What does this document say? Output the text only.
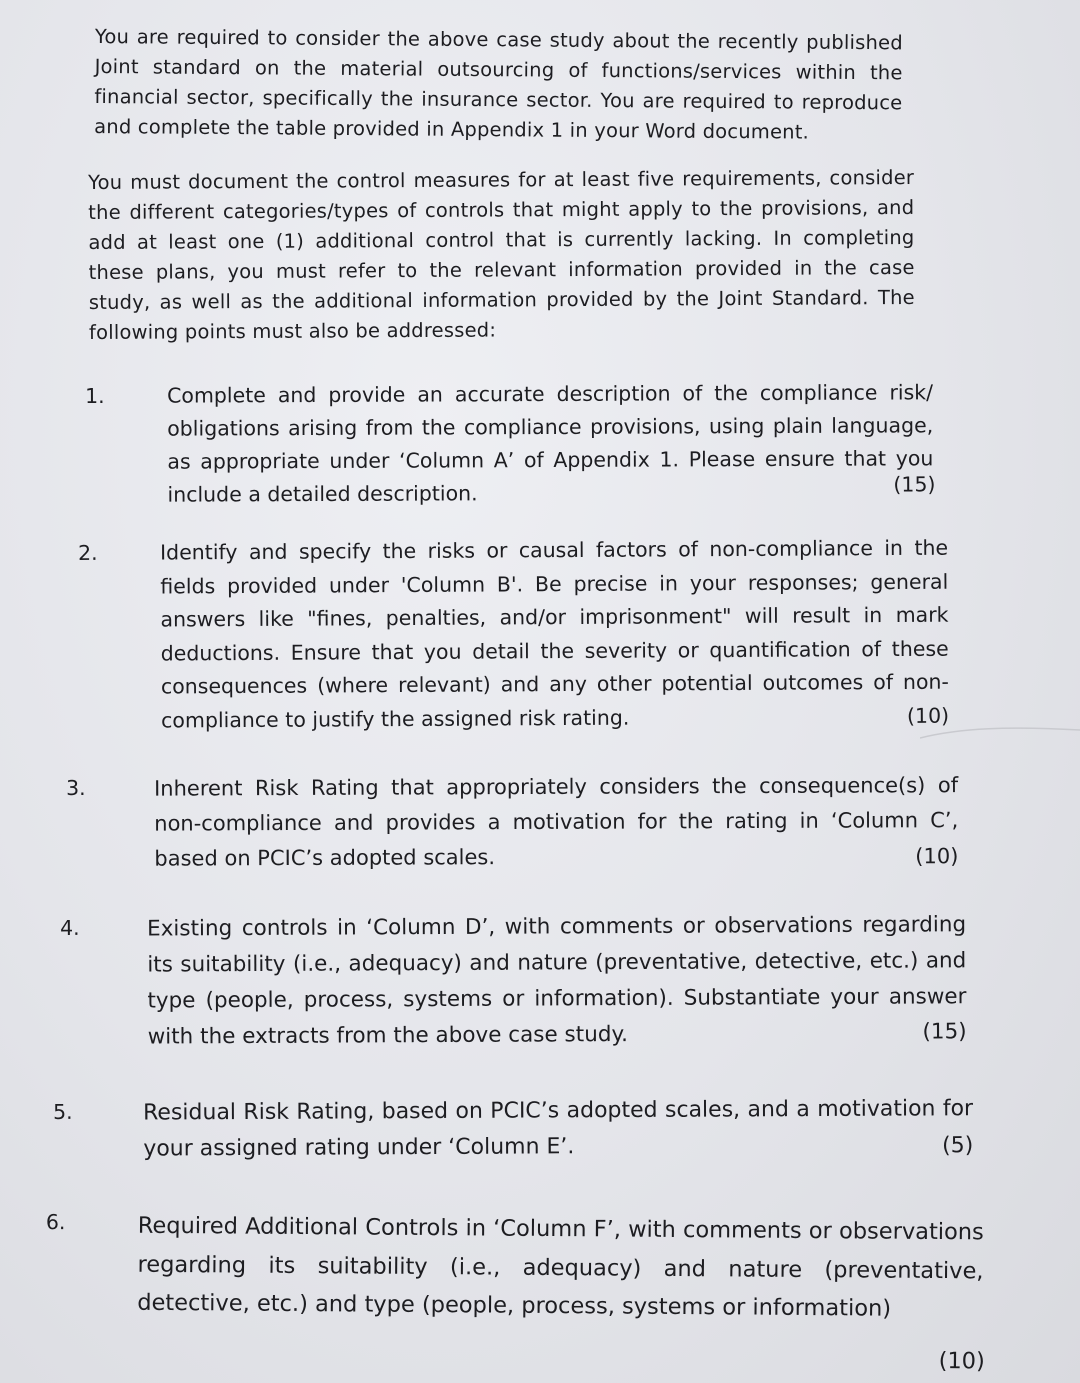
You are required to consider the above case study about the recently published Joint standard on the material outsourcing of functions/services within the financial sector, specifically the insurance sector. You are required to reproduce and complete the table provided in Appendix 1 in your Word document.
You must document the control measures for at least five requirements, consider the different categories/types of controls that might apply to the provisions, and add at least one (1) additional control that is currently lacking. In completing these plans, you must refer to the relevant information provided in the case study, as well as the additional information provided by the Joint Standard. The following points must also be addressed:
1.	Complete and provide an accurate description of the compliance risk/ obligations arising from the compliance provisions, using plain language, as appropriate under ‘Column A’ of Appendix 1. Please ensure that you include a detailed description.	(15)
2.	Identify and specify the risks or causal factors of non-compliance in the fields provided under 'Column B'. Be precise in your responses; general answers like "fines, penalties, and/or imprisonment" will result in mark deductions. Ensure that you detail the severity or quantification of these consequences (where relevant) and any other potential outcomes of non-compliance to justify the assigned risk rating.	(10)
3.	Inherent Risk Rating that appropriately considers the consequence(s) of non-compliance and provides a motivation for the rating in ‘Column C’, based on PCIC’s adopted scales.	(10)
4.	Existing controls in ‘Column D’, with comments or observations regarding its suitability (i.e., adequacy) and nature (preventative, detective, etc.) and type (people, process, systems or information). Substantiate your answer with the extracts from the above case study.	(15)
5.	Residual Risk Rating, based on PCIC’s adopted scales, and a motivation for your assigned rating under ‘Column E’.	(5)
6.	Required Additional Controls in ‘Column F’, with comments or observations regarding its suitability (i.e., adequacy) and nature (preventative, detective, etc.) and type (people, process, systems or information)
(10)
